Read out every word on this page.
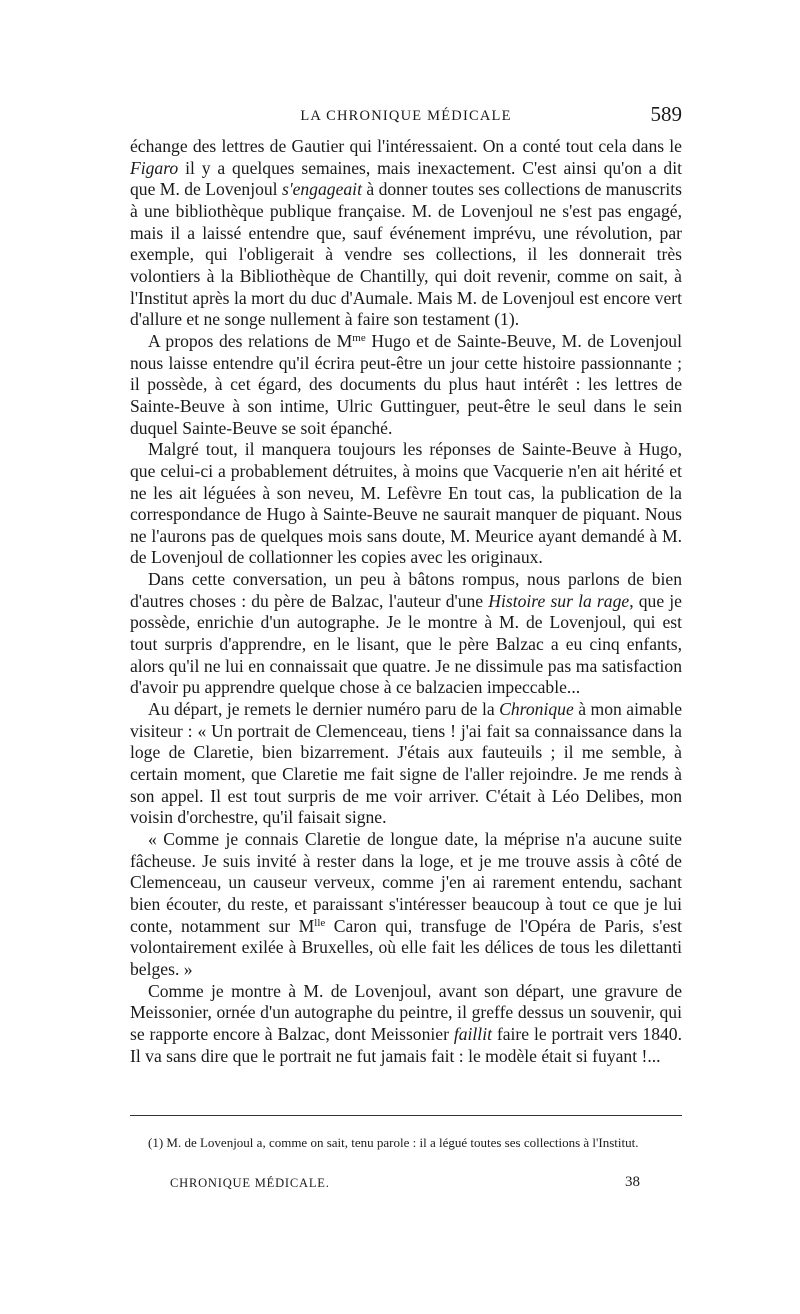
LA CHRONIQUE MÉDICALE	589

échange des lettres de Gautier qui l'intéressaient. On a conté tout cela dans le Figaro il y a quelques semaines, mais inexactement. C'est ainsi qu'on a dit que M. de Lovenjoul s'engageait à donner toutes ses collections de manuscrits à une bibliothèque publique française. M. de Lovenjoul ne s'est pas engagé, mais il a laissé entendre que, sauf événement imprévu, une révolution, par exemple, qui l'obligerait à vendre ses collections, il les donnerait très volontiers à la Bibliothèque de Chantilly, qui doit revenir, comme on sait, à l'Institut après la mort du duc d'Aumale. Mais M. de Lovenjoul est encore vert d'allure et ne songe nullement à faire son testament (1).

A propos des relations de $M^{me}$ Hugo et de Sainte-Beuve, M. de Lovenjoul nous laisse entendre qu'il écrira peut-être un jour cette histoire passionnante ; il possède, à cet égard, des documents du plus haut intérêt : les lettres de Sainte-Beuve à son intime, Ulric Guttinguer, peut-être le seul dans le sein duquel Sainte-Beuve se soit épanché.

Malgré tout, il manquera toujours les réponses de Sainte-Beuve à Hugo, que celui-ci a probablement détruites, à moins que Vacquerie n'en ait hérité et ne les ait léguées à son neveu, M. Lefèvre En tout cas, la publication de la correspondance de Hugo à Sainte-Beuve ne saurait manquer de piquant. Nous ne l'aurons pas de quelques mois sans doute, M. Meurice ayant demandé à M. de Lovenjoul de collationner les copies avec les originaux.

Dans cette conversation, un peu à bâtons rompus, nous parlons de bien d'autres choses : du père de Balzac, l'auteur d'une Histoire sur la rage, que je possède, enrichie d'un autographe. Je le montre à M. de Lovenjoul, qui est tout surpris d'apprendre, en le lisant, que le père Balzac a eu cinq enfants, alors qu'il ne lui en connaissait que quatre. Je ne dissimule pas ma satisfaction d'avoir pu apprendre quelque chose à ce balzacien impeccable...

Au départ, je remets le dernier numéro paru de la Chronique à mon aimable visiteur : « Un portrait de Clemenceau, tiens ! j'ai fait sa connaissance dans la loge de Claretie, bien bizarrement. J'étais aux fauteuils ; il me semble, à certain moment, que Claretie me fait signe de l'aller rejoindre. Je me rends à son appel. Il est tout surpris de me voir arriver. C'était à Léo Delibes, mon voisin d'orchestre, qu'il faisait signe.

« Comme je connais Claretie de longue date, la méprise n'a aucune suite fâcheuse. Je suis invité à rester dans la loge, et je me trouve assis à côté de Clemenceau, un causeur verveux, comme j'en ai rarement entendu, sachant bien écouter, du reste, et paraissant s'intéresser beaucoup à tout ce que je lui conte, notamment sur $M^{lle}$ Caron qui, transfuge de l'Opéra de Paris, s'est volontairement exilée à Bruxelles, où elle fait les délices de tous les dilettanti belges. »

Comme je montre à M. de Lovenjoul, avant son départ, une gravure de Meissonier, ornée d'un autographe du peintre, il greffe dessus un souvenir, qui se rapporte encore à Balzac, dont Meissonier faillit faire le portrait vers 1840. Il va sans dire que le portrait ne fut jamais fait : le modèle était si fuyant !...

(1) M. de Lovenjoul a, comme on sait, tenu parole : il a légué toutes ses collections à l'Institut.
CHRONIQUE MÉDICALE.	38
